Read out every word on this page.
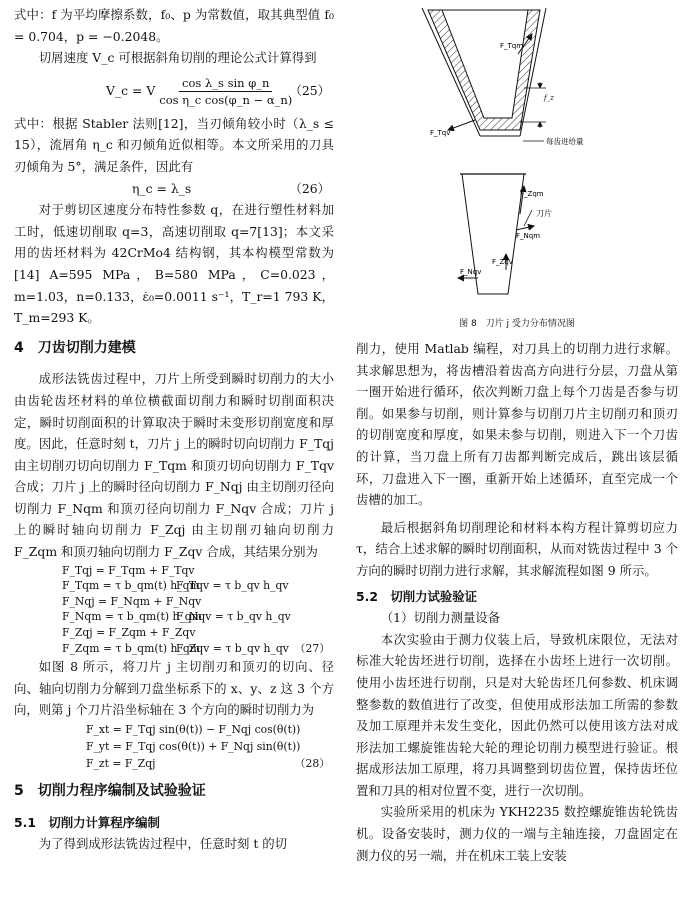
式中：f 为平均摩擦系数，f₀、p 为常数值，取其典型值 f₀ = 0.704，p = −0.2048。

切屑速度 V_c 可根据斜角切削的理论公式计算得到

V_c = V $\frac{\text{cos λ\_s sin φ\_n}}{\text{cos η\_c cos(φ\_n − α\_n)}}$
（25）

式中：根据 Stabler 法则[12]，当刃倾角较小时（λ_s ≤ 15），流屑角 η_c 和刃倾角近似相等。本文所采用的刀具刃倾角为 5°，满足条件，因此有

η_c = λ_s	（26）

对于剪切区速度分布特性参数 q，在进行塑性材料加工时，低速切削取 q=3，高速切削取 q=7[13]；本文采用的齿坯材料为 42CrMo4 结构钢，其本构模型常数为[14] A=595 MPa，B=580 MPa，C=0.023，m=1.03，n=0.133，ε̇₀=0.0011 s⁻¹，T_r=1 793 K，T_m=293 K。

4　刀齿切削力建模

成形法铣齿过程中，刀片上所受到瞬时切削力的大小由齿轮齿坯材料的单位横截面切削力和瞬时切削面积决定，瞬时切削面积的计算取决于瞬时未变形切削宽度和厚度。因此，任意时刻 t，刀片 j 上的瞬时切向切削力 F_Tqj 由主切削刃切向切削力 F_Tqm 和顶刃切向切削力 F_Tqv 合成；刀片 j 上的瞬时径向切削力 F_Nqj 由主切削刃径向切削力 F_Nqm 和顶刃径向切削力 F_Nqv 合成；刀片 j 上的瞬时轴向切削力 F_Zqj 由主切削刃轴向切削力 F_Zqm 和顶刃轴向切削力 F_Zqv 合成，其结果分别为

F_Tqj = F_Tqm + F_Tqv
F_Tqm = τ b_qm(t) h_qm
F_Tqv = τ b_qv h_qv
F_Nqj = F_Nqm + F_Nqv
F_Nqm = τ b_qm(t) h_qm
F_Nqv = τ b_qv h_qv
F_Zqj = F_Zqm + F_Zqv
F_Zqm = τ b_qm(t) h_qm
F_Zqv = τ b_qv h_qv （27）

如图 8 所示，将刀片 j 主切削刃和顶刃的切向、径向、轴向切削力分解到刀盘坐标系下的 x、y、z 这 3 个方向，则第 j 个刀片沿坐标轴在 3 个方向的瞬时切削力为

F_xt = F_Tqj sin(θ(t)) − F_Nqj cos(θ(t))
F_yt = F_Tqj cos(θ(t)) + F_Nqj sin(θ(t))
F_zt = F_Zqj	（28）
5　切削力程序编制及试验验证
5.1　切削力计算程序编制

为了得到成形法铣齿过程中，任意时刻 t 的切

F_Tqm
F_Tqv
f_z
每齿进给量
F_Zqm
刀片
F_Nqm
F_Zqv
F_Nqv
图 8　刀片 j 受力分布情况图

削力，使用 Matlab 编程，对刀具上的切削力进行求解。其求解思想为，将齿槽沿着齿高方向进行分层，刀盘从第一圈开始进行循环，依次判断刀盘上每个刀齿是否参与切削。如果参与切削，则计算参与切削刀片主切削刃和顶刃的切削宽度和厚度，如果未参与切削，则进入下一个刀齿的计算，当刀盘上所有刀齿都判断完成后，跳出该层循环，刀盘进入下一圈，重新开始上述循环，直至完成一个齿槽的加工。

最后根据斜角切削理论和材料本构方程计算剪切应力 τ，结合上述求解的瞬时切削面积，从而对铣齿过程中 3 个方向的瞬时切削力进行求解，其求解流程如图 9 所示。

5.2　切削力试验验证

（1）切削力测量设备

本次实验由于测力仪装上后，导致机床限位，无法对标准大轮齿坯进行切削，选择在小齿坯上进行一次切削。使用小齿坯进行切削，只是对大轮齿坯几何参数、机床调整参数的数值进行了改变，但使用成形法加工所需的参数及加工原理并未发生变化，因此仍然可以使用该方法对成形法加工螺旋锥齿轮大轮的理论切削力模型进行验证。根据成形法加工原理，将刀具调整到切齿位置，保持齿坯位置和刀具的相对位置不变，进行一次切削。

实验所采用的机床为 YKH2235 数控螺旋锥齿轮铣齿机。设备安装时，测力仪的一端与主轴连接，刀盘固定在测力仪的另一端，并在机床工装上安装
